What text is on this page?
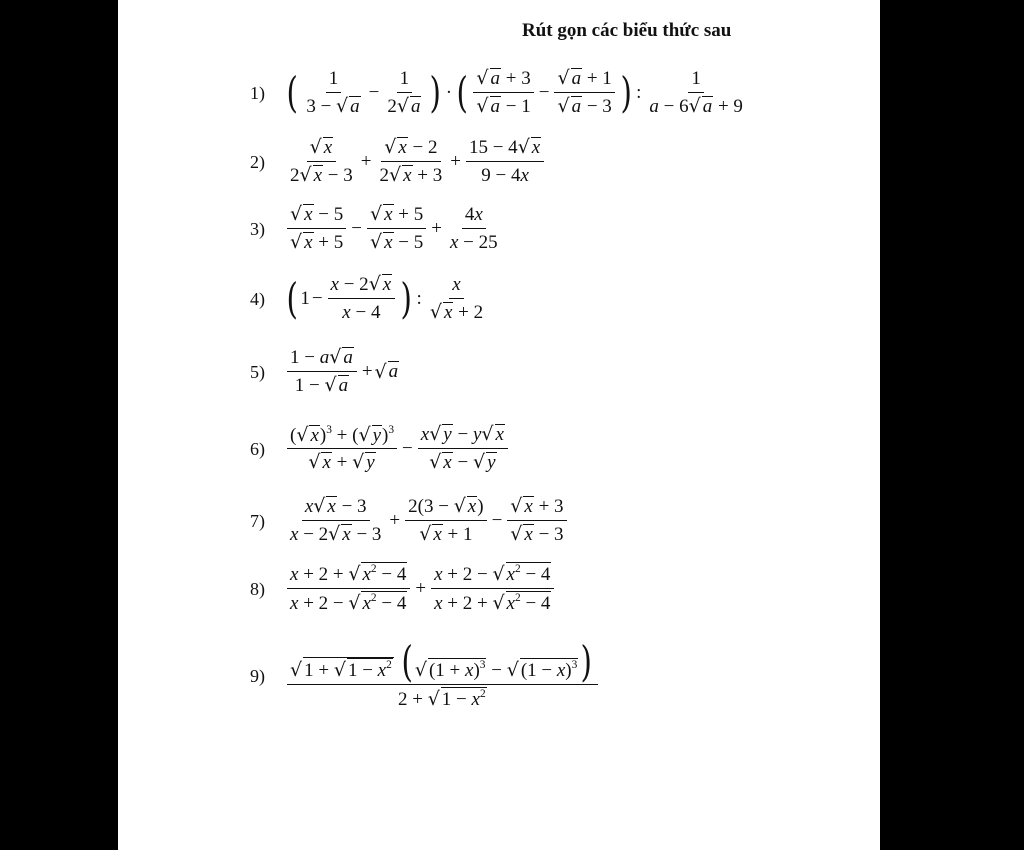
Rút gọn các biểu thức sau
1) ( $\frac{1}{3 - √ a} - \frac{1}{2√ a}$ ) · ( $\frac{√ a + 3}{√ a - 1} - \frac{√ a + 1}{√ a - 3}$ ) : $\frac{1}{a - 6√ a + 9}$
$2) \frac{√ x}{2√ x - 3} + \frac{√ x - 2}{2√ x + 3} + \frac{15 - 4√ x}{9 - 4x}$
$3) \frac{√ x - 5}{√ x + 5} - \frac{√ x + 5}{√ x - 5} + \frac{4x}{x - 25}$
4) ( $1 - \frac{x - 2√ x}{x - 4}$ ) : $\frac{x}{√ x + 2}$
$5) \frac{1 - a√ a}{1 - √ a}$ + √ a
$6) \frac{(√ x)^3 + (√ y)^3}{√ x + √ y} - \frac{x√ y - y√ x}{√ x - √ y}$
$7) \frac{x√ x - 3}{x - 2√ x - 3} + \frac{2(3 - √ x)}{√ x + 1} - \frac{√ x + 3}{√ x - 3}$
$8) \frac{x + 2 + √ x^2 - 4}{x + 2 - √ x^2 - 4} + \frac{x + 2 - √ x^2 - 4}{x + 2 + √ x^2 - 4}$
$9) \frac{√ 1 + √ 1 - x^2 ( √ (1 + x)^3 - √ (1 - x)^3)}{2 + √ 1 - x^2}$
